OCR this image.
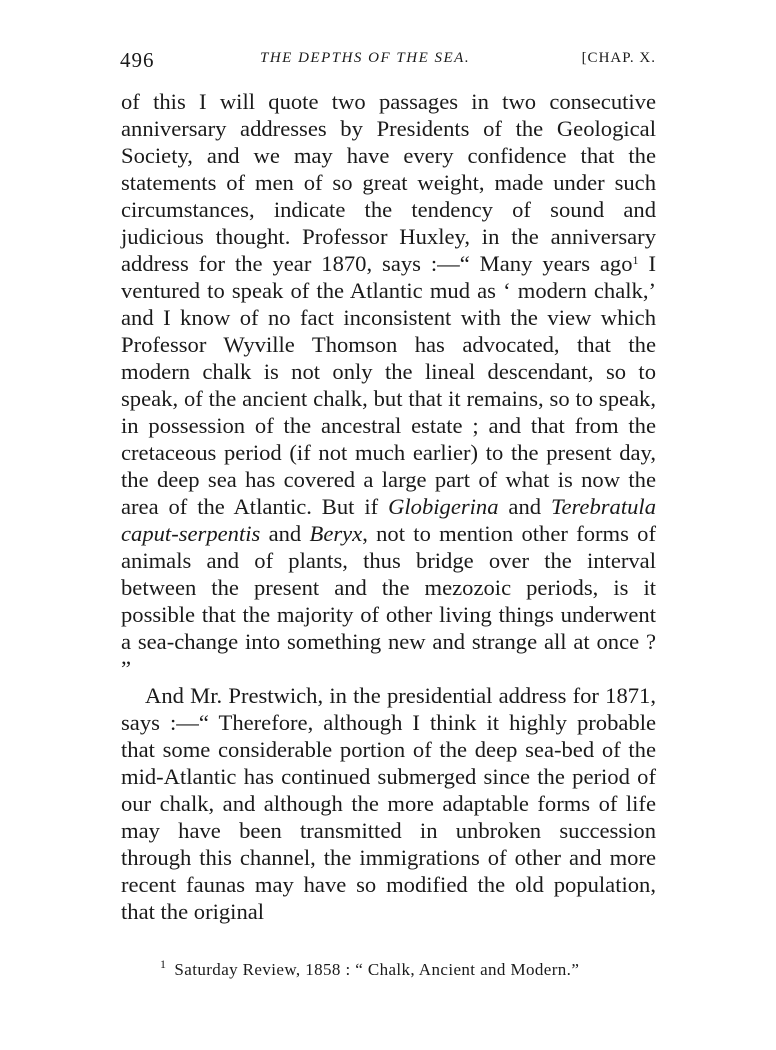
496	THE DEPTHS OF THE SEA.	[CHAP. X.

of this I will quote two passages in two consecutive anniversary addresses by Presidents of the Geological Society, and we may have every confidence that the statements of men of so great weight, made under such circumstances, indicate the tendency of sound and judicious thought. Professor Huxley, in the anniversary address for the year 1870, says :—“ Many years ago$^1$ I ventured to speak of the Atlantic mud as ‘ modern chalk,’ and I know of no fact inconsistent with the view which Professor Wyville Thomson has advocated, that the modern chalk is not only the lineal descendant, so to speak, of the ancient chalk, but that it remains, so to speak, in possession of the ancestral estate ; and that from the cretaceous period (if not much earlier) to the present day, the deep sea has covered a large part of what is now the area of the Atlantic. But if Globigerina and Terebratula caput-serpentis and Beryx, not to mention other forms of animals and of plants, thus bridge over the interval between the present and the mezozoic periods, is it possible that the majority of other living things underwent a sea-change into something new and strange all at once ? ”

And Mr. Prestwich, in the presidential address for 1871, says :—“ Therefore, although I think it highly probable that some considerable portion of the deep sea-bed of the mid-Atlantic has continued submerged since the period of our chalk, and although the more adaptable forms of life may have been transmitted in unbroken succession through this channel, the immigrations of other and more recent faunas may have so modified the old population, that the original

$^1$ Saturday Review, 1858 : “ Chalk, Ancient and Modern.”
